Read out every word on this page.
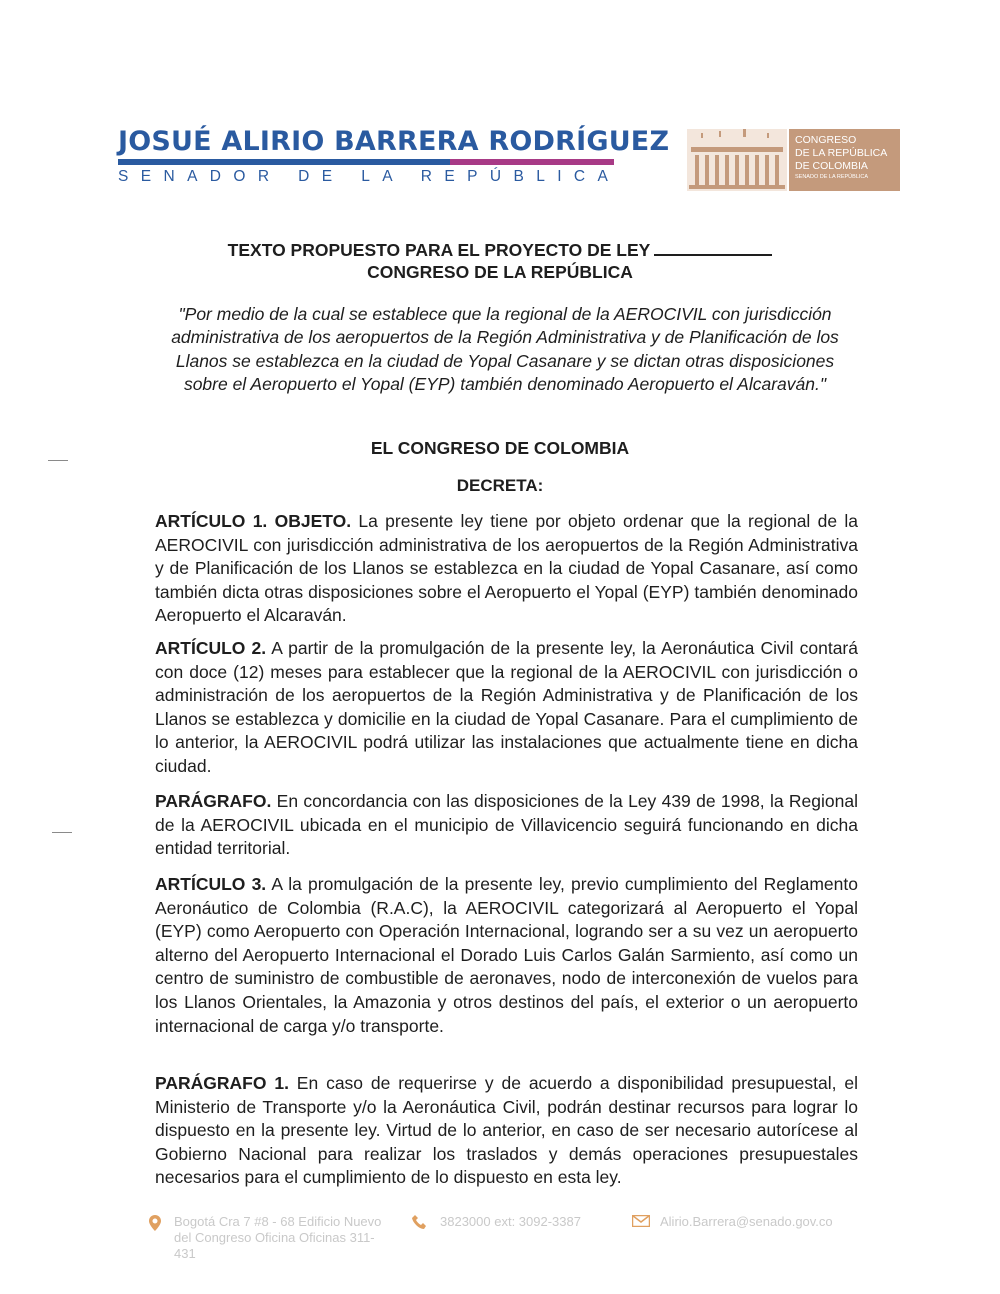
JOSUÉ ALIRIO BARRERA RODRÍGUEZ
SENADOR DE LA REPÚBLICA
CONGRESO
DE LA REPÚBLICA
DE COLOMBIA
SENADO DE LA REPÚBLICA
TEXTO PROPUESTO PARA EL PROYECTO DE LEY
CONGRESO DE LA REPÚBLICA
"Por medio de la cual se establece que la regional de la AEROCIVIL con jurisdicción administrativa de los aeropuertos de la Región Administrativa y de Planificación de los Llanos se establezca en la ciudad de Yopal Casanare y se dictan otras disposiciones sobre el Aeropuerto el Yopal (EYP) también denominado Aeropuerto el Alcaraván."
EL CONGRESO DE COLOMBIA
DECRETA:

ARTÍCULO 1. OBJETO. La presente ley tiene por objeto ordenar que la regional de la AEROCIVIL con jurisdicción administrativa de los aeropuertos de la Región Administrativa y de Planificación de los Llanos se establezca en la ciudad de Yopal Casanare, así como también dicta otras disposiciones sobre el Aeropuerto el Yopal (EYP) también denominado Aeropuerto el Alcaraván.

ARTÍCULO 2. A partir de la promulgación de la presente ley, la Aeronáutica Civil contará con doce (12) meses para establecer que la regional de la AEROCIVIL con jurisdicción o administración de los aeropuertos de la Región Administrativa y de Planificación de los Llanos se establezca y domicilie en la ciudad de Yopal Casanare. Para el cumplimiento de lo anterior, la AEROCIVIL podrá utilizar las instalaciones que actualmente tiene en dicha ciudad.

PARÁGRAFO. En concordancia con las disposiciones de la Ley 439 de 1998, la Regional de la AEROCIVIL ubicada en el municipio de Villavicencio seguirá funcionando en dicha entidad territorial.

ARTÍCULO 3. A la promulgación de la presente ley, previo cumplimiento del Reglamento Aeronáutico de Colombia (R.A.C), la AEROCIVIL categorizará al Aeropuerto el Yopal (EYP) como Aeropuerto con Operación Internacional, logrando ser a su vez un aeropuerto alterno del Aeropuerto Internacional el Dorado Luis Carlos Galán Sarmiento, así como un centro de suministro de combustible de aeronaves, nodo de interconexión de vuelos para los Llanos Orientales, la Amazonia y otros destinos del país, el exterior o un aeropuerto internacional de carga y/o transporte.

PARÁGRAFO 1. En caso de requerirse y de acuerdo a disponibilidad presupuestal, el Ministerio de Transporte y/o la Aeronáutica Civil, podrán destinar recursos para lograr lo dispuesto en la presente ley. Virtud de lo anterior, en caso de ser necesario autorícese al Gobierno Nacional para realizar los traslados y demás operaciones presupuestales necesarios para el cumplimiento de lo dispuesto en esta ley.

Bogotá Cra 7 #8 - 68 Edificio Nuevo del Congreso Oficina Oficinas 311- 431
3823000 ext: 3092-3387	Alirio.Barrera@senado.gov.co
